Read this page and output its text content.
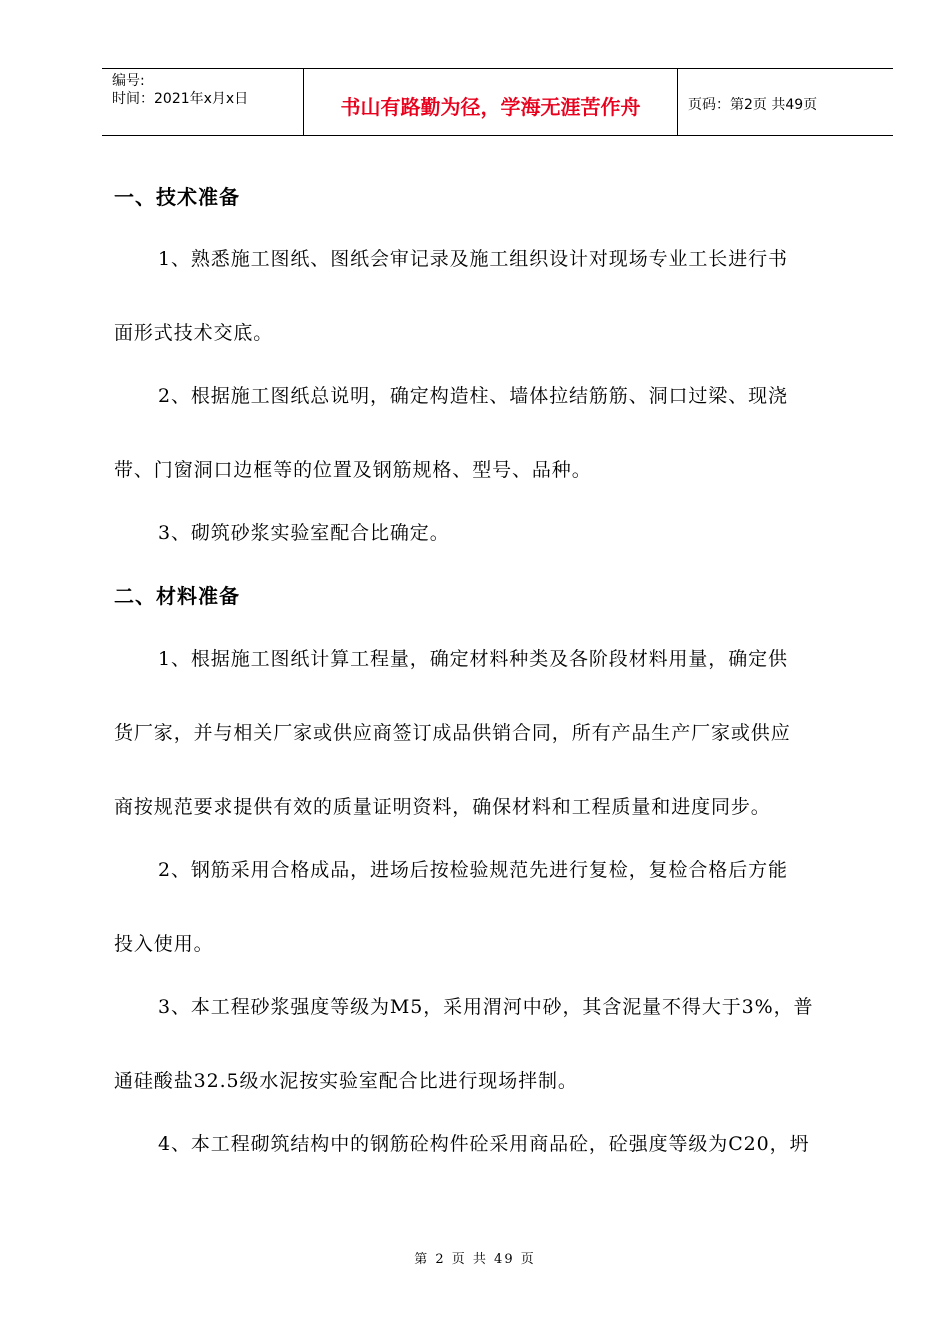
编号:
时间：2021年x月x日	书山有路勤为径，学海无涯苦作舟	页码：第2页 共49页
一、技术准备
1、熟悉施工图纸、图纸会审记录及施工组织设计对现场专业工长进行书
面形式技术交底。
2、根据施工图纸总说明，确定构造柱、墙体拉结筋筋、洞口过梁、现浇
带、门窗洞口边框等的位置及钢筋规格、型号、品种。
3、砌筑砂浆实验室配合比确定。
二、材料准备
1、根据施工图纸计算工程量，确定材料种类及各阶段材料用量，确定供
货厂家，并与相关厂家或供应商签订成品供销合同，所有产品生产厂家或供应
商按规范要求提供有效的质量证明资料，确保材料和工程质量和进度同步。
2、钢筋采用合格成品，进场后按检验规范先进行复检，复检合格后方能
投入使用。
3、本工程砂浆强度等级为M5，采用渭河中砂，其含泥量不得大于3%，普
通硅酸盐32.5级水泥按实验室配合比进行现场拌制。
4、本工程砌筑结构中的钢筋砼构件砼采用商品砼，砼强度等级为C20，坍
第 2 页 共 49 页
